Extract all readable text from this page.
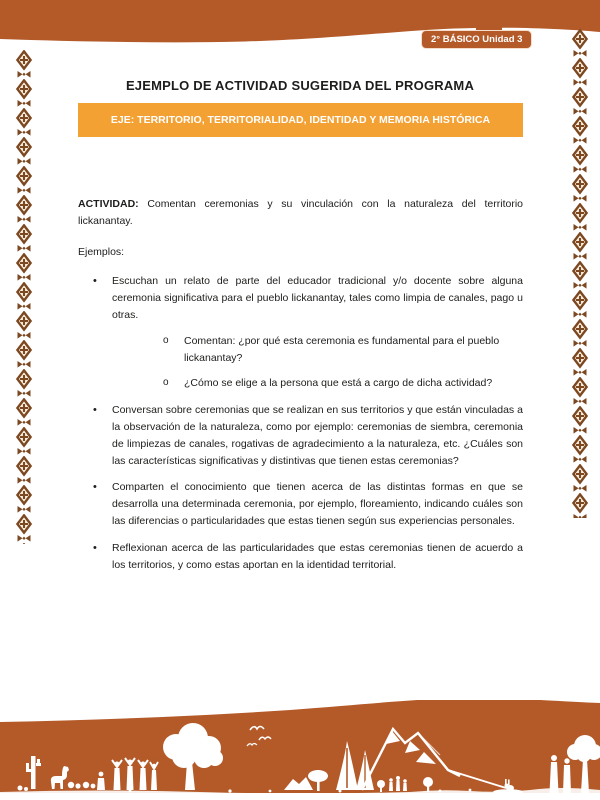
2° BÁSICO Unidad 3
EJEMPLO DE ACTIVIDAD SUGERIDA DEL PROGRAMA
EJE: TERRITORIO, TERRITORIALIDAD, IDENTIDAD Y MEMORIA HISTÓRICA

ACTIVIDAD: Comentan ceremonias y su vinculación con la naturaleza del territorio lickanantay.

Ejemplos:

• Escuchan un relato de parte del educador tradicional y/o docente sobre alguna ceremonia significativa para el pueblo lickanantay, tales como limpia de canales, pago u otras.
o Comentan: ¿por qué esta ceremonia es fundamental para el pueblo lickanantay?
o ¿Cómo se elige a la persona que está a cargo de dicha actividad?
• Conversan sobre ceremonias que se realizan en sus territorios y que están vinculadas a la observación de la naturaleza, como por ejemplo: ceremonias de siembra, ceremonia de limpiezas de canales, rogativas de agradecimiento a la naturaleza, etc. ¿Cuáles son las características significativas y distintivas que tienen estas ceremonias?
• Comparten el conocimiento que tienen acerca de las distintas formas en que se desarrolla una determinada ceremonia, por ejemplo, floreamiento, indicando cuáles son las diferencias o particularidades que estas tienen según sus experiencias personales.
• Reflexionan acerca de las particularidades que estas ceremonias tienen de acuerdo a los territorios, y como estas aportan en la identidad territorial.
